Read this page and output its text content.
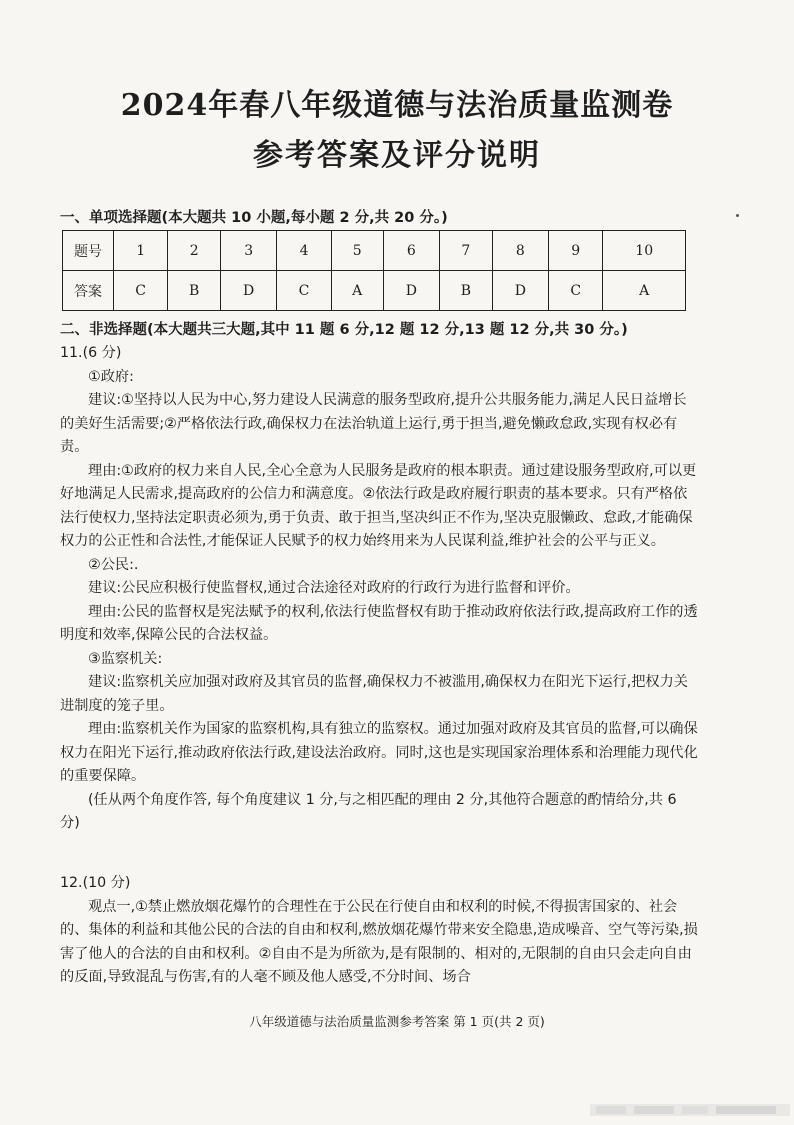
2024年春八年级道德与法治质量监测卷
参考答案及评分说明
一、单项选择题(本大题共 10 小题,每小题 2 分,共 20 分。)
题号	1	2	3	4	5	6	7	8	9	10
答案	C	B	D	C	A	D	B	D	C	A
二、非选择题(本大题共三大题,其中 11 题 6 分,12 题 12 分,13 题 12 分,共 30 分。)

11.(6 分)

①政府:

建议:①坚持以人民为中心,努力建设人民满意的服务型政府,提升公共服务能力,满足人民日益增长的美好生活需要;②严格依法行政,确保权力在法治轨道上运行,勇于担当,避免懒政怠政,实现有权必有责。

理由:①政府的权力来自人民,全心全意为人民服务是政府的根本职责。通过建设服务型政府,可以更好地满足人民需求,提高政府的公信力和满意度。②依法行政是政府履行职责的基本要求。只有严格依法行使权力,坚持法定职责必须为,勇于负责、敢于担当,坚决纠正不作为,坚决克服懒政、怠政,才能确保权力的公正性和合法性,才能保证人民赋予的权力始终用来为人民谋利益,维护社会的公平与正义。

②公民:.

建议:公民应积极行使监督权,通过合法途径对政府的行政行为进行监督和评价。

理由:公民的监督权是宪法赋予的权利,依法行使监督权有助于推动政府依法行政,提高政府工作的透明度和效率,保障公民的合法权益。

③监察机关:

建议:监察机关应加强对政府及其官员的监督,确保权力不被滥用,确保权力在阳光下运行,把权力关进制度的笼子里。

理由:监察机关作为国家的监察机构,具有独立的监察权。通过加强对政府及其官员的监督,可以确保权力在阳光下运行,推动政府依法行政,建设法治政府。同时,这也是实现国家治理体系和治理能力现代化的重要保障。

(任从两个角度作答, 每个角度建议 1 分,与之相匹配的理由 2 分,其他符合题意的酌情给分,共 6 分)

12.(10 分)

观点一,①禁止燃放烟花爆竹的合理性在于公民在行使自由和权利的时候,不得损害国家的、社会的、集体的利益和其他公民的合法的自由和权利,燃放烟花爆竹带来安全隐患,造成噪音、空气等污染,损害了他人的合法的自由和权利。②自由不是为所欲为,是有限制的、相对的,无限制的自由只会走向自由的反面,导致混乱与伤害,有的人毫不顾及他人感受,不分时间、场合

八年级道德与法治质量监测参考答案 第 1 页(共 2 页)
